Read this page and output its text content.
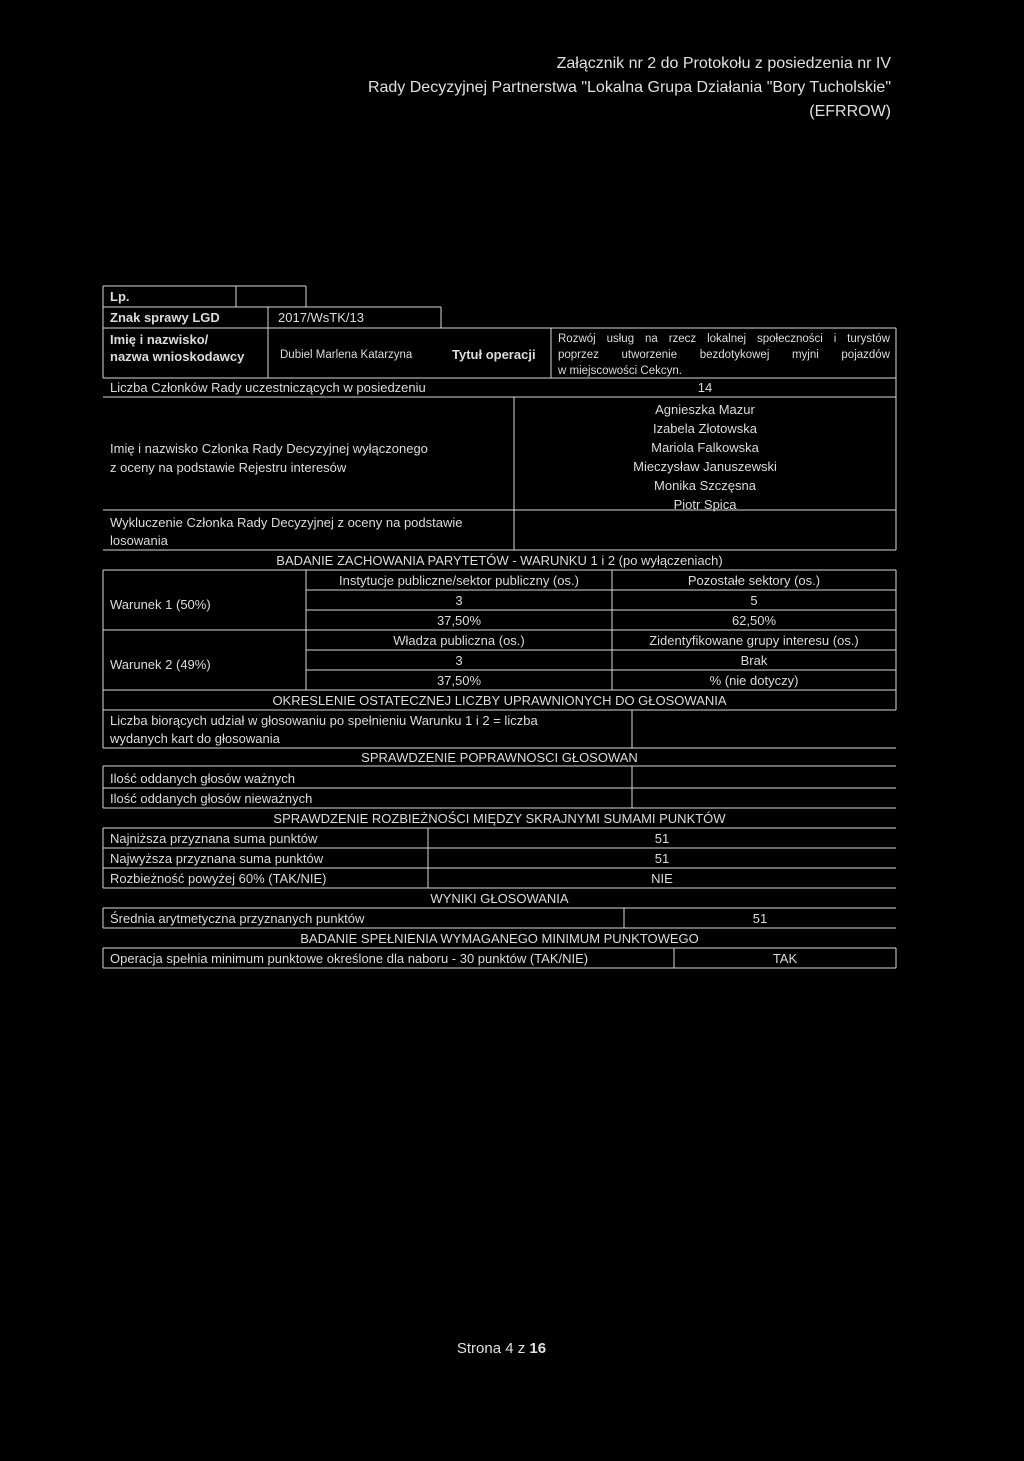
Załącznik nr 2 do Protokołu z posiedzenia nr IV
Rady Decyzyjnej Partnerstwa "Lokalna Grupa Działania "Bory Tucholskie"
(EFRROW)
Lp.
Znak sprawy LGD	2017/WsTK/13
Imię i nazwisko/
nazwa wnioskodawcy	Dubiel Marlena Katarzyna	Tytuł operacji
Rozwój usług na rzecz lokalnej społeczności i turystów
poprzez utworzenie bezdotykowej myjni pojazdów
w miejscowości Cekcyn.
Liczba Członków Rady uczestniczących w posiedzeniu	14
Imię i nazwisko Członka Rady Decyzyjnej wyłączonego
z oceny na podstawie Rejestru interesów
Agnieszka Mazur
Izabela Złotowska
Mariola Falkowska
Mieczysław Januszewski
Monika Szczęsna
Piotr Spica
Wykluczenie Członka Rady Decyzyjnej z oceny na podstawie
losowania
BADANIE ZACHOWANIA PARYTETÓW - WARUNKU 1 i 2 (po wyłączeniach)
Instytucje publiczne/sektor publiczny (os.)	Pozostałe sektory (os.)
Warunek 1 (50%)	3	5
37,50%	62,50%
Władza publiczna (os.)	Zidentyfikowane grupy interesu (os.)
Warunek 2 (49%)	3	Brak
37,50%	% (nie dotyczy)
OKRESLENIE OSTATECZNEJ LICZBY UPRAWNIONYCH DO GŁOSOWANIA
Liczba biorących udział w głosowaniu po spełnieniu Warunku 1 i 2 = liczba
wydanych kart do głosowania
SPRAWDZENIE POPRAWNOSCI GŁOSOWAN
Ilość oddanych głosów ważnych
Ilość oddanych głosów nieważnych
SPRAWDZENIE ROZBIEŻNOŚCI MIĘDZY SKRAJNYMI SUMAMI PUNKTÓW
Najniższa przyznana suma punktów	51
Najwyższa przyznana suma punktów	51
Rozbieżność powyżej 60% (TAK/NIE)	NIE
WYNIKI GŁOSOWANIA
Średnia arytmetyczna przyznanych punktów	51
BADANIE SPEŁNIENIA WYMAGANEGO MINIMUM PUNKTOWEGO
Operacja spełnia minimum punktowe określone dla naboru - 30 punktów (TAK/NIE)	TAK
Strona 4 z 16
